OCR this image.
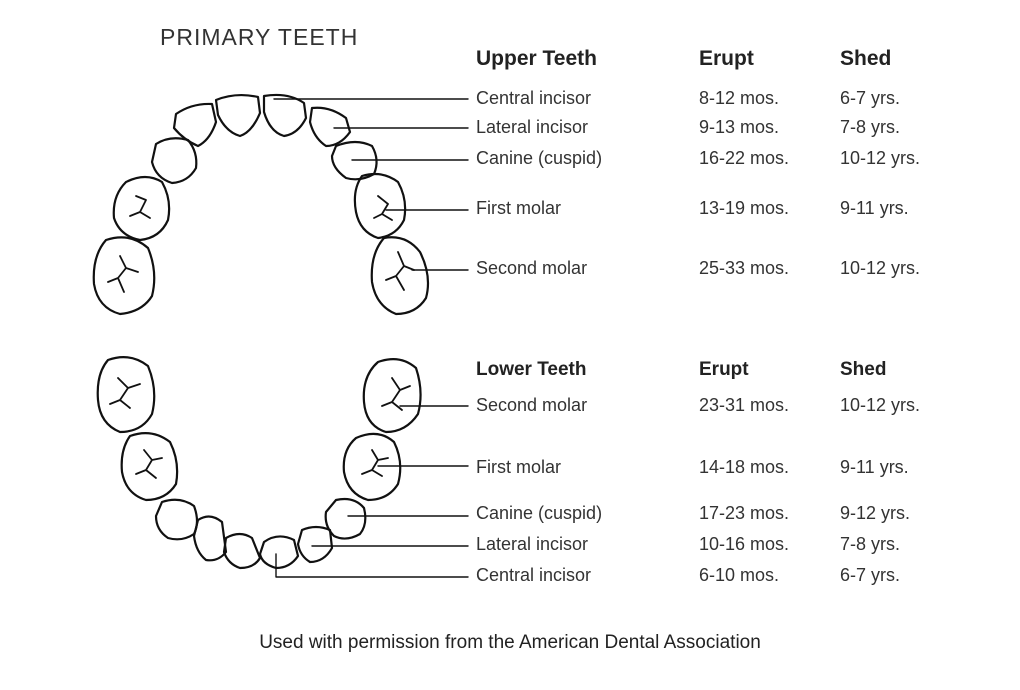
PRIMARY TEETH
Upper Teeth	Erupt	Shed
Central incisor	8-12 mos.	6-7 yrs.
Lateral incisor	9-13 mos.	7-8 yrs.
Canine (cuspid)	16-22 mos.	10-12 yrs.
First molar	13-19 mos.	9-11 yrs.
Second molar	25-33 mos.	10-12 yrs.
Lower Teeth	Erupt	Shed
Second molar	23-31 mos.	10-12 yrs.
First molar	14-18 mos.	9-11 yrs.
Canine (cuspid)	17-23 mos.	9-12 yrs.
Lateral incisor	10-16 mos.	7-8 yrs.
Central incisor	6-10 mos.	6-7 yrs.
Used with permission from the American Dental Association
